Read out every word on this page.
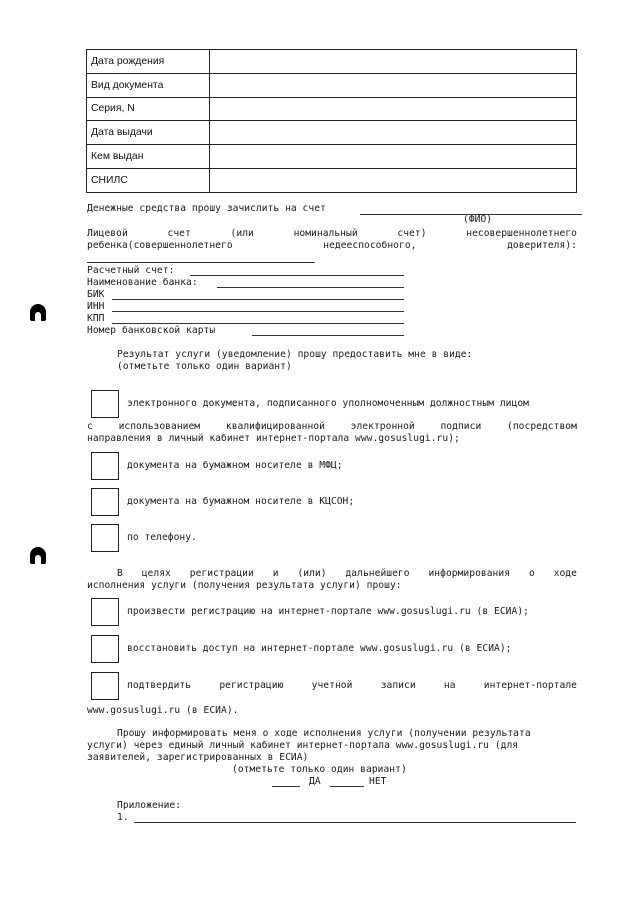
Дата рождения	
Вид документа	
Серия, N	
Дата выдачи	
Кем выдан	
СНИЛС	
Денежные средства прошу зачислить на счет
(ФИО)
Лицевой	счет	(или	номинальный	счет)	несовершеннолетнего
ребенка(совершеннолетнего	недееспособного,	доверителя):
Расчетный счет:
Наименование банка:
БИК
ИНН
КПП
Номер банковской карты
Результат услуги (уведомление) прошу предоставить мне в виде:
(отметьте только один вариант)
электронного документа, подписанного уполномоченным должностным лицом
с	использованием	квалифицированной	электронной	подписи	(посредством
направления в личный кабинет интернет-портала www.gosuslugi.ru);
документа на бумажном носителе в МФЦ;
документа на бумажном носителе в КЦСОН;
по телефону.
В целях регистрации и (или) дальнейшего информирования о ходе
исполнения услуги (получения результата услуги) прошу:
произвести регистрацию на интернет-портале www.gosuslugi.ru (в ЕСИА);
восстановить доступ на интернет-портале www.gosuslugi.ru (в ЕСИА);
подтвердить	регистрацию	учетной	записи	на	интернет-портале
www.gosuslugi.ru (в ЕСИА).
Прошу информировать меня о ходе исполнения услуги (получении результата
услуги) через единый личный кабинет интернет-портала www.gosuslugi.ru (для
заявителей, зарегистрированных в ЕСИА)
(отметьте только один вариант)
ДА	НЕТ
Приложение:
1.
